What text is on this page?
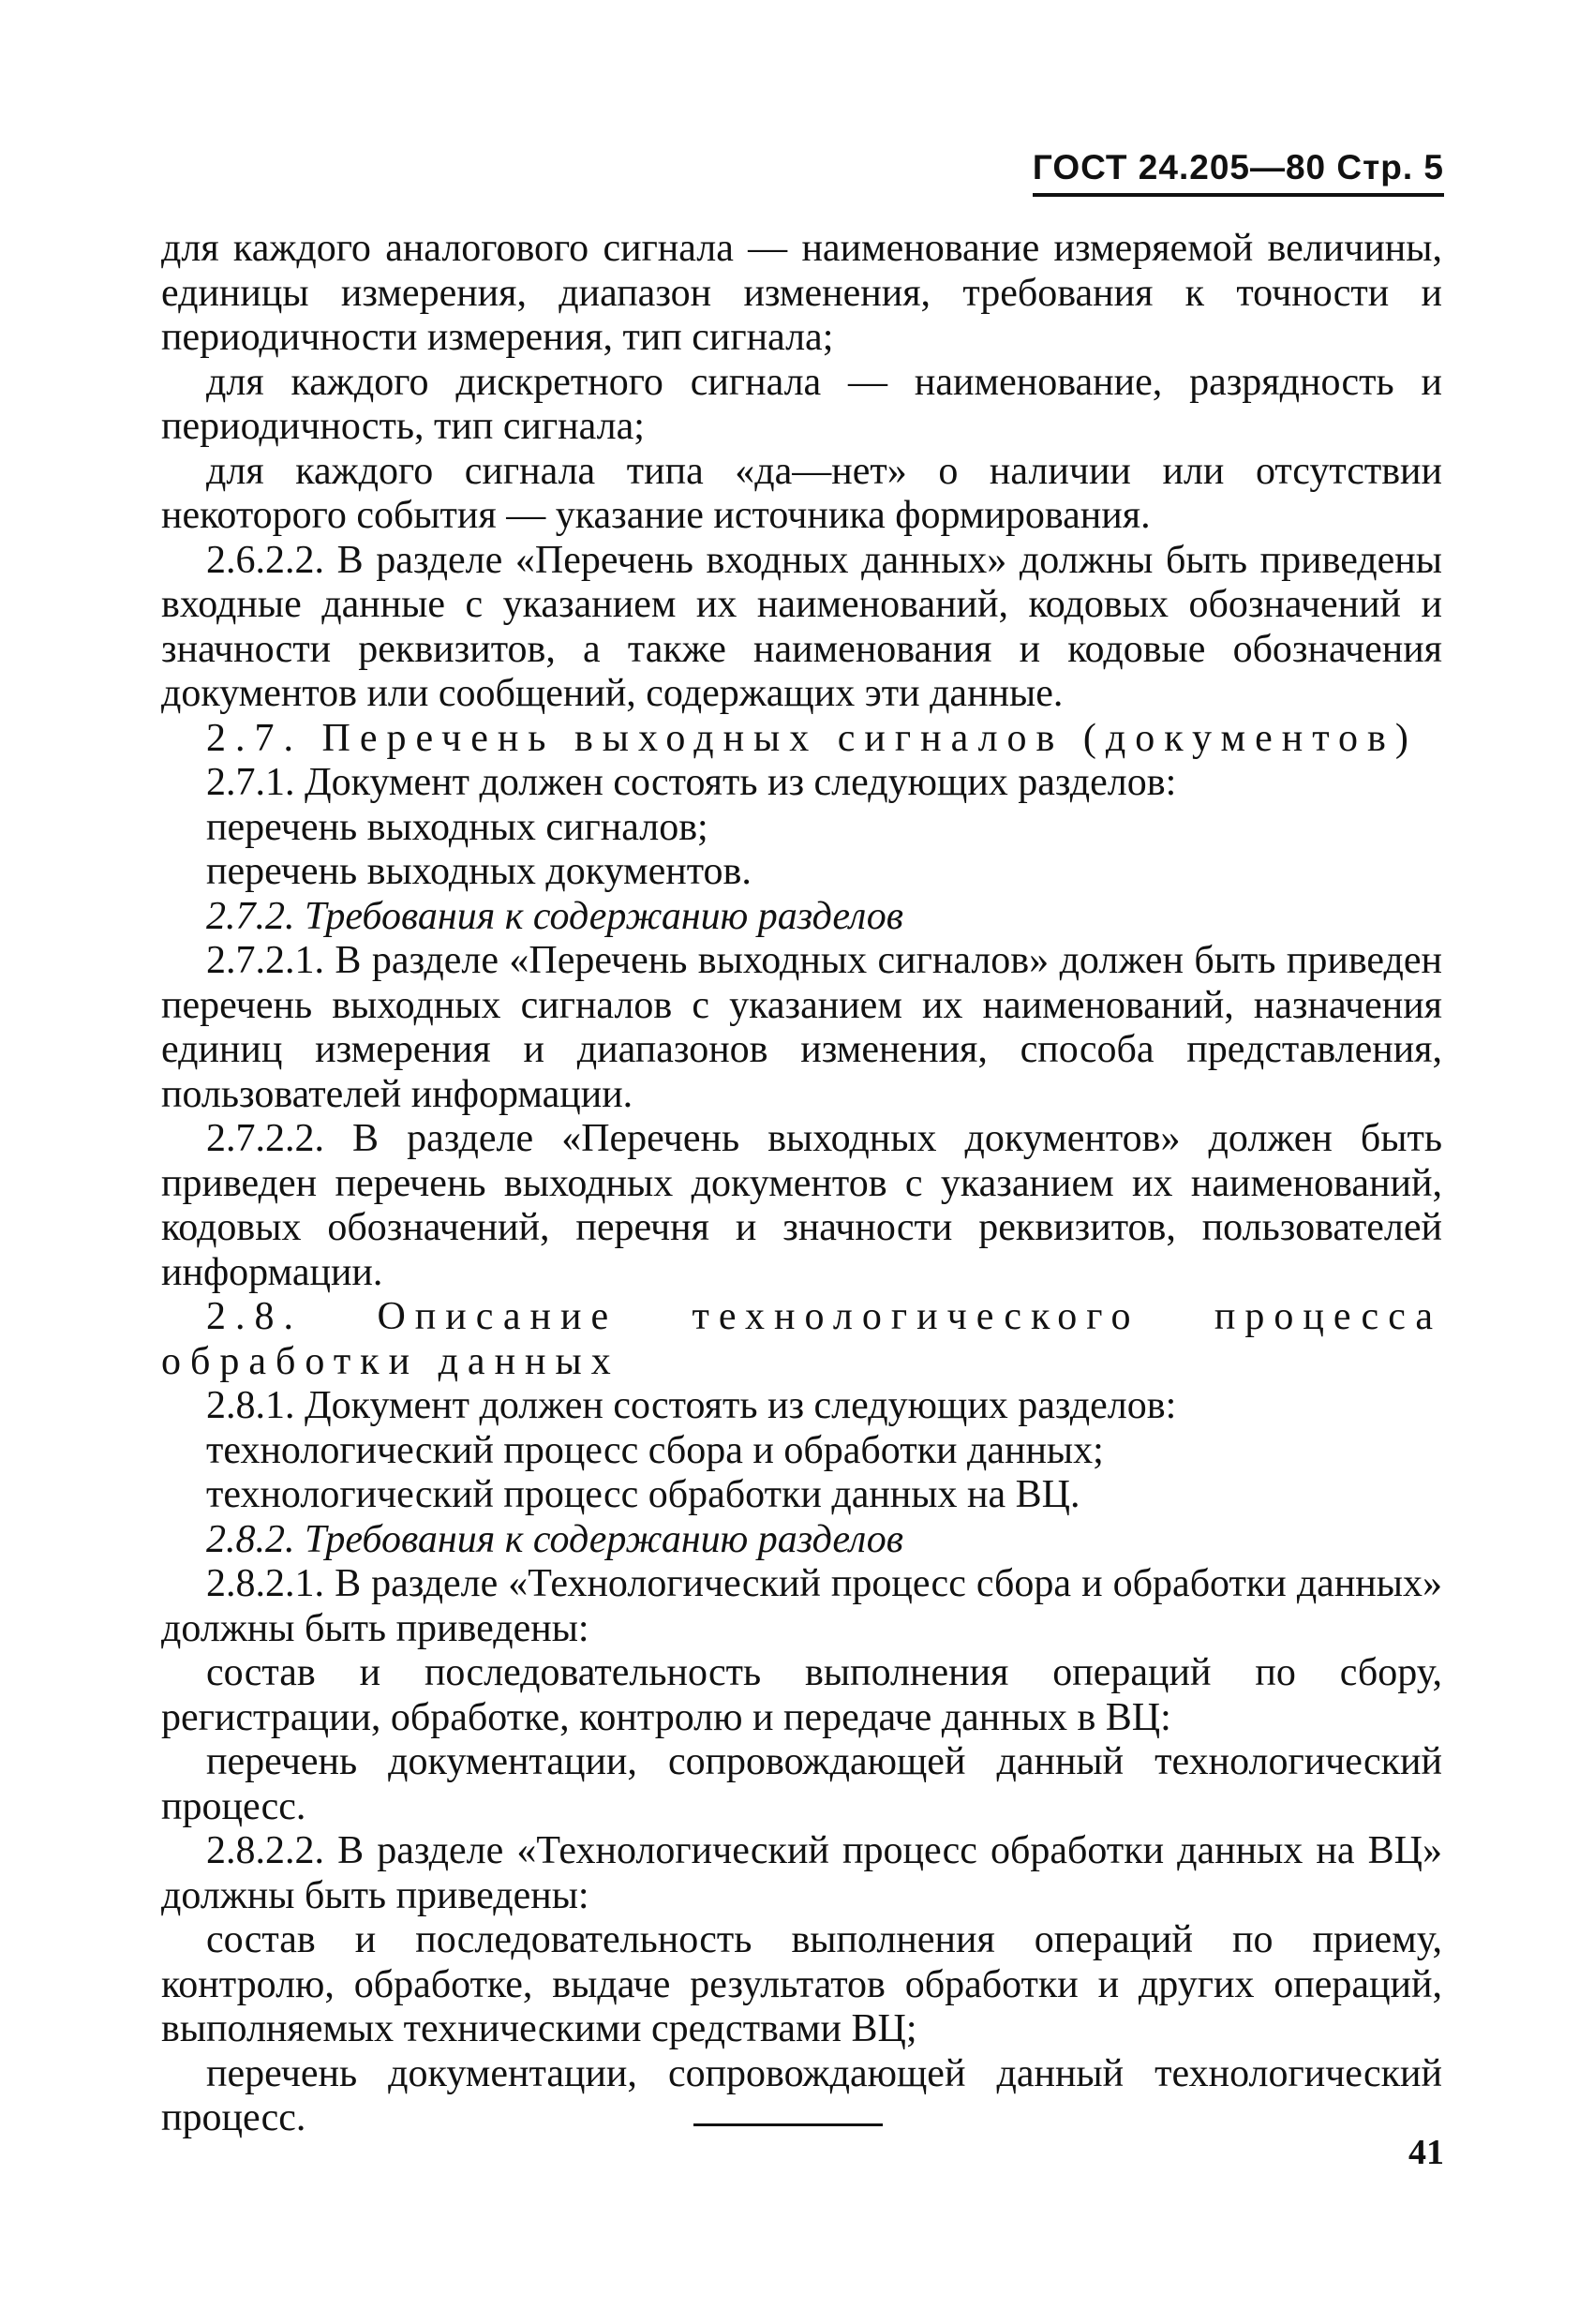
ГОСТ 24.205—80 Стр. 5

для каждого аналогового сигнала — наименование измеряемой величины, единицы измерения, диапазон изменения, требования к точности и периодичности измерения, тип сигнала;

для каждого дискретного сигнала — наименование, разрядность и периодичность, тип сигнала;

для каждого сигнала типа «да—нет» о наличии или отсутствии некоторого события — указание источника формирования.

2.6.2.2. В разделе «Перечень входных данных» должны быть приведены входные данные с указанием их наименований, кодовых обозначений и значности реквизитов, а также наименования и кодовые обозначения документов или сообщений, содержащих эти данные.

2.7. Перечень выходных сигналов (документов)

2.7.1. Документ должен состоять из следующих разделов:

перечень выходных сигналов;

перечень выходных документов.

2.7.2. Требования к содержанию разделов

2.7.2.1. В разделе «Перечень выходных сигналов» должен быть приведен перечень выходных сигналов с указанием их наименований, назначения единиц измерения и диапазонов изменения, способа представления, пользователей информации.

2.7.2.2. В разделе «Перечень выходных документов» должен быть приведен перечень выходных документов с указанием их наименований, кодовых обозначений, перечня и значности реквизитов, пользователей информации.

2.8. Описание технологического процесса обработки данных

2.8.1. Документ должен состоять из следующих разделов:

технологический процесс сбора и обработки данных;

технологический процесс обработки данных на ВЦ.

2.8.2. Требования к содержанию разделов

2.8.2.1. В разделе «Технологический процесс сбора и обработки данных» должны быть приведены:

состав и последовательность выполнения операций по сбору, регистрации, обработке, контролю и передаче данных в ВЦ:

перечень документации, сопровождающей данный технологический процесс.

2.8.2.2. В разделе «Технологический процесс обработки данных на ВЦ» должны быть приведены:

состав и последовательность выполнения операций по приему, контролю, обработке, выдаче результатов обработки и других операций, выполняемых техническими средствами ВЦ;

перечень документации, сопровождающей данный технологический процесс.

41
